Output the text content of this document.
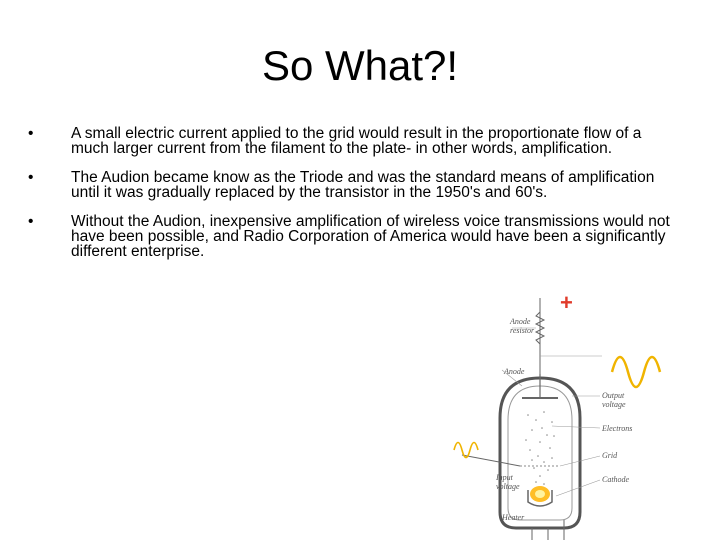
So What?!
• A small electric current applied to the grid would result in the proportionate flow of a much larger current from the filament to the plate- in other words, amplification.
• The Audion became know as the Triode and was the standard means of amplification until it was gradually replaced by the transistor in the 1950's and 60's.
• Without the Audion, inexpensive amplification of wireless voice transmissions would not have been possible, and Radio Corporation of America would have been a significantly different enterprise.
+
Anode
resistor
Anode
Output
voltage
Electrons
Grid
Cathode
Input
voltage
Heater
